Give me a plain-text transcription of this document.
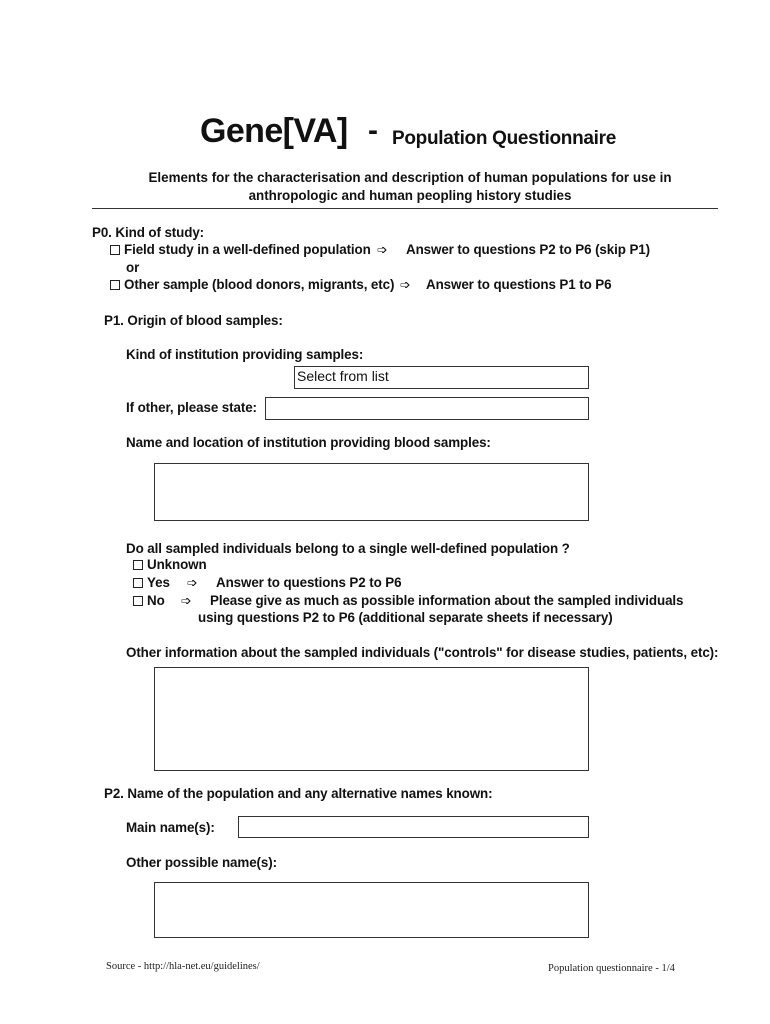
Gene[VA] - Population Questionnaire
Elements for the characterisation and description of human populations for use in anthropologic and human peopling history studies
P0. Kind of study:
Field study in a well-defined population ➩ Answer to questions P2 to P6 (skip P1)
or
Other sample (blood donors, migrants, etc) ➩ Answer to questions P1 to P6
P1. Origin of blood samples:
Kind of institution providing samples:
Select from list
If other, please state:
Name and location of institution providing blood samples:
Do all sampled individuals belong to a single well-defined population ?
Unknown
Yes ➩ Answer to questions P2 to P6
No ➩ Please give as much as possible information about the sampled individuals
using questions P2 to P6 (additional separate sheets if necessary)
Other information about the sampled individuals ("controls" for disease studies, patients, etc):
P2. Name of the population and any alternative names known:
Main name(s):
Other possible name(s):
Source - http://hla-net.eu/guidelines/	Population questionnaire - 1/4
